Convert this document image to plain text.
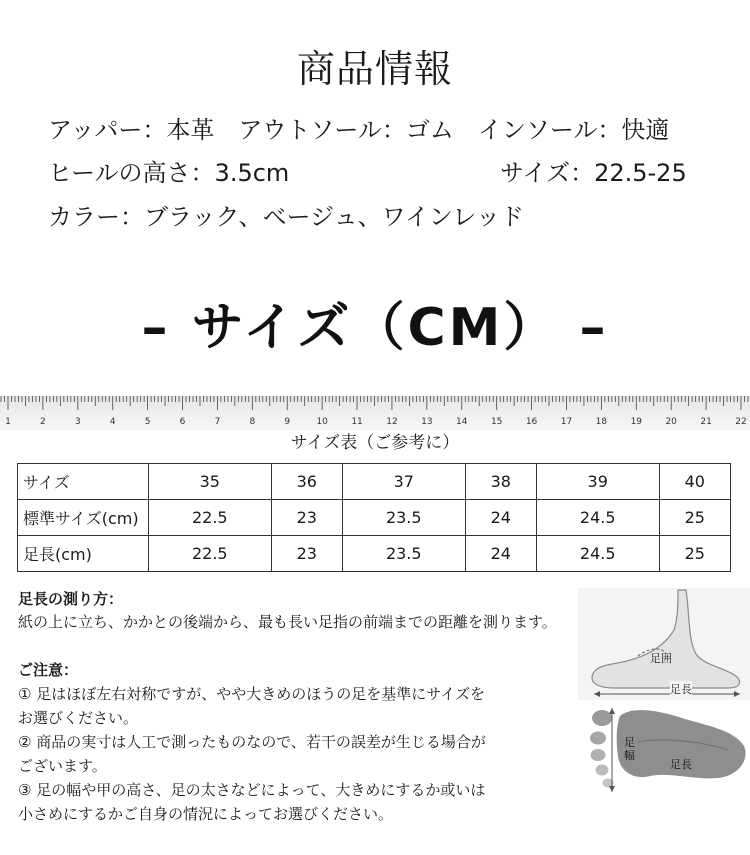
商品情報
アッパー：本革　アウトソール：ゴム　インソール：快適
ヒールの高さ：3.5cm	サイズ：22.5-25
カラー：ブラック、ベージュ、ワインレッド
– サイズ（CM） –
1	2	3	4	5	6	7	8	9	10	11	12	13	14	15	16	17	18	19	20	21	22
サイズ表（ご参考に）
サイズ	35	36	37	38	39	40
標準サイズ(cm)	22.5	23	23.5	24	24.5	25
足長(cm)	22.5	23	23.5	24	24.5	25
足長の測り方：
紙の上に立ち、かかとの後端から、最も長い足指の前端までの距離を測ります。
ご注意：
① 足はほぼ左右対称ですが、やや大きめのほうの足を基準にサイズを
お選びください。
② 商品の実寸は人工で測ったものなので、若干の誤差が生じる場合が
ございます。
③ 足の幅や甲の高さ、足の太さなどによって、大きめにするか或いは
小さめにするかご自身の情況によってお選びください。
足囲
足長
足幅
足長
